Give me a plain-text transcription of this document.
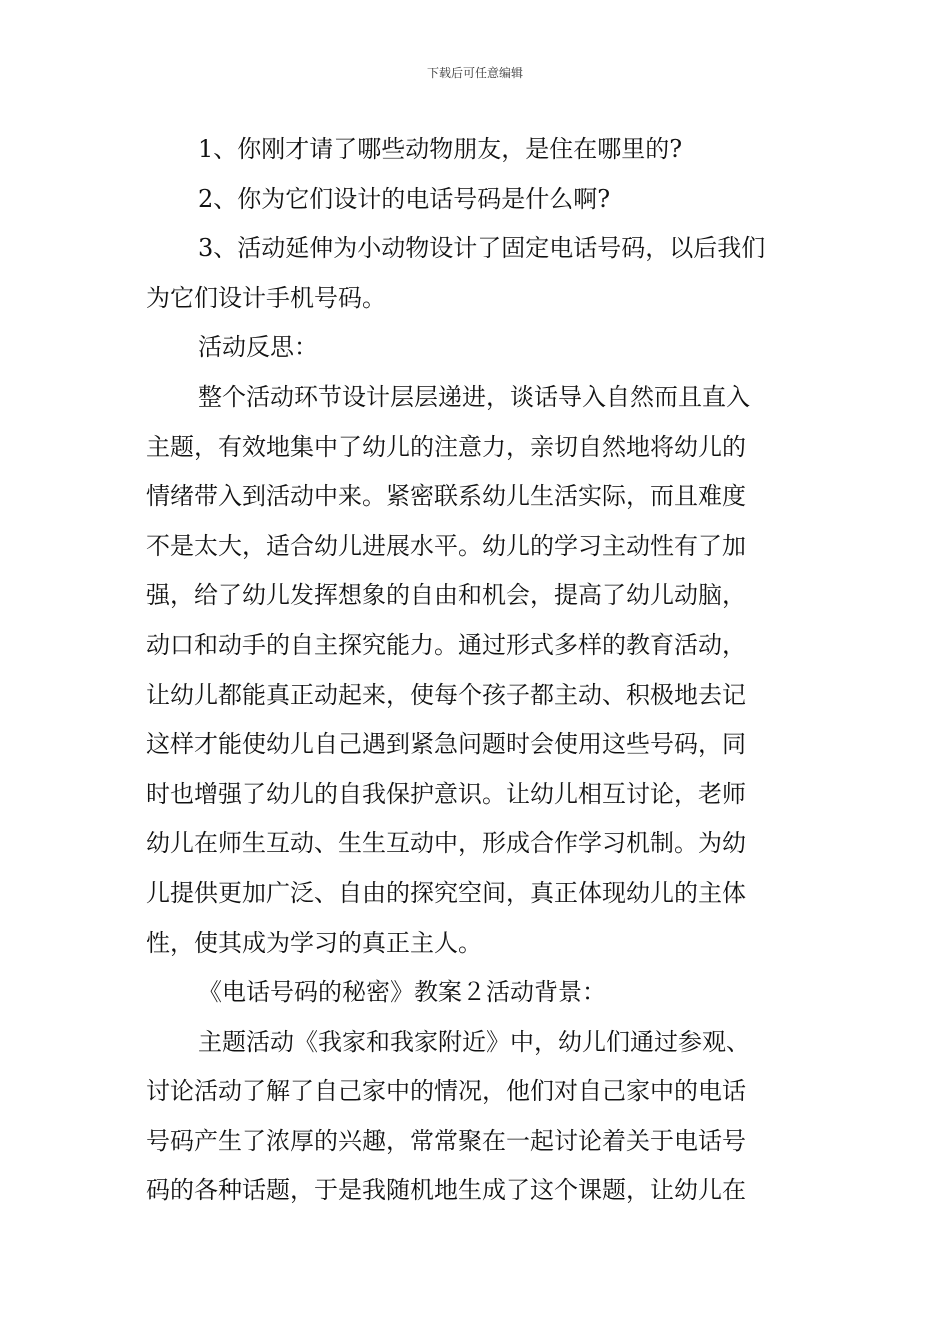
下载后可任意编辑
1、你刚才请了哪些动物朋友，是住在哪里的?
2、你为它们设计的电话号码是什么啊?
3、活动延伸为小动物设计了固定电话号码，以后我们
为它们设计手机号码。
活动反思：
整个活动环节设计层层递进，谈话导入自然而且直入
主题，有效地集中了幼儿的注意力，亲切自然地将幼儿的
情绪带入到活动中来。紧密联系幼儿生活实际，而且难度
不是太大，适合幼儿进展水平。幼儿的学习主动性有了加
强，给了幼儿发挥想象的自由和机会，提高了幼儿动脑，
动口和动手的自主探究能力。通过形式多样的教育活动，
让幼儿都能真正动起来，使每个孩子都主动、积极地去记
这样才能使幼儿自己遇到紧急问题时会使用这些号码，同
时也增强了幼儿的自我保护意识。让幼儿相互讨论，老师
幼儿在师生互动、生生互动中，形成合作学习机制。为幼
儿提供更加广泛、自由的探究空间，真正体现幼儿的主体
性，使其成为学习的真正主人。
《电话号码的秘密》教案２活动背景：
主题活动《我家和我家附近》中，幼儿们通过参观、
讨论活动了解了自己家中的情况，他们对自己家中的电话
号码产生了浓厚的兴趣，常常聚在一起讨论着关于电话号
码的各种话题，于是我随机地生成了这个课题，让幼儿在
